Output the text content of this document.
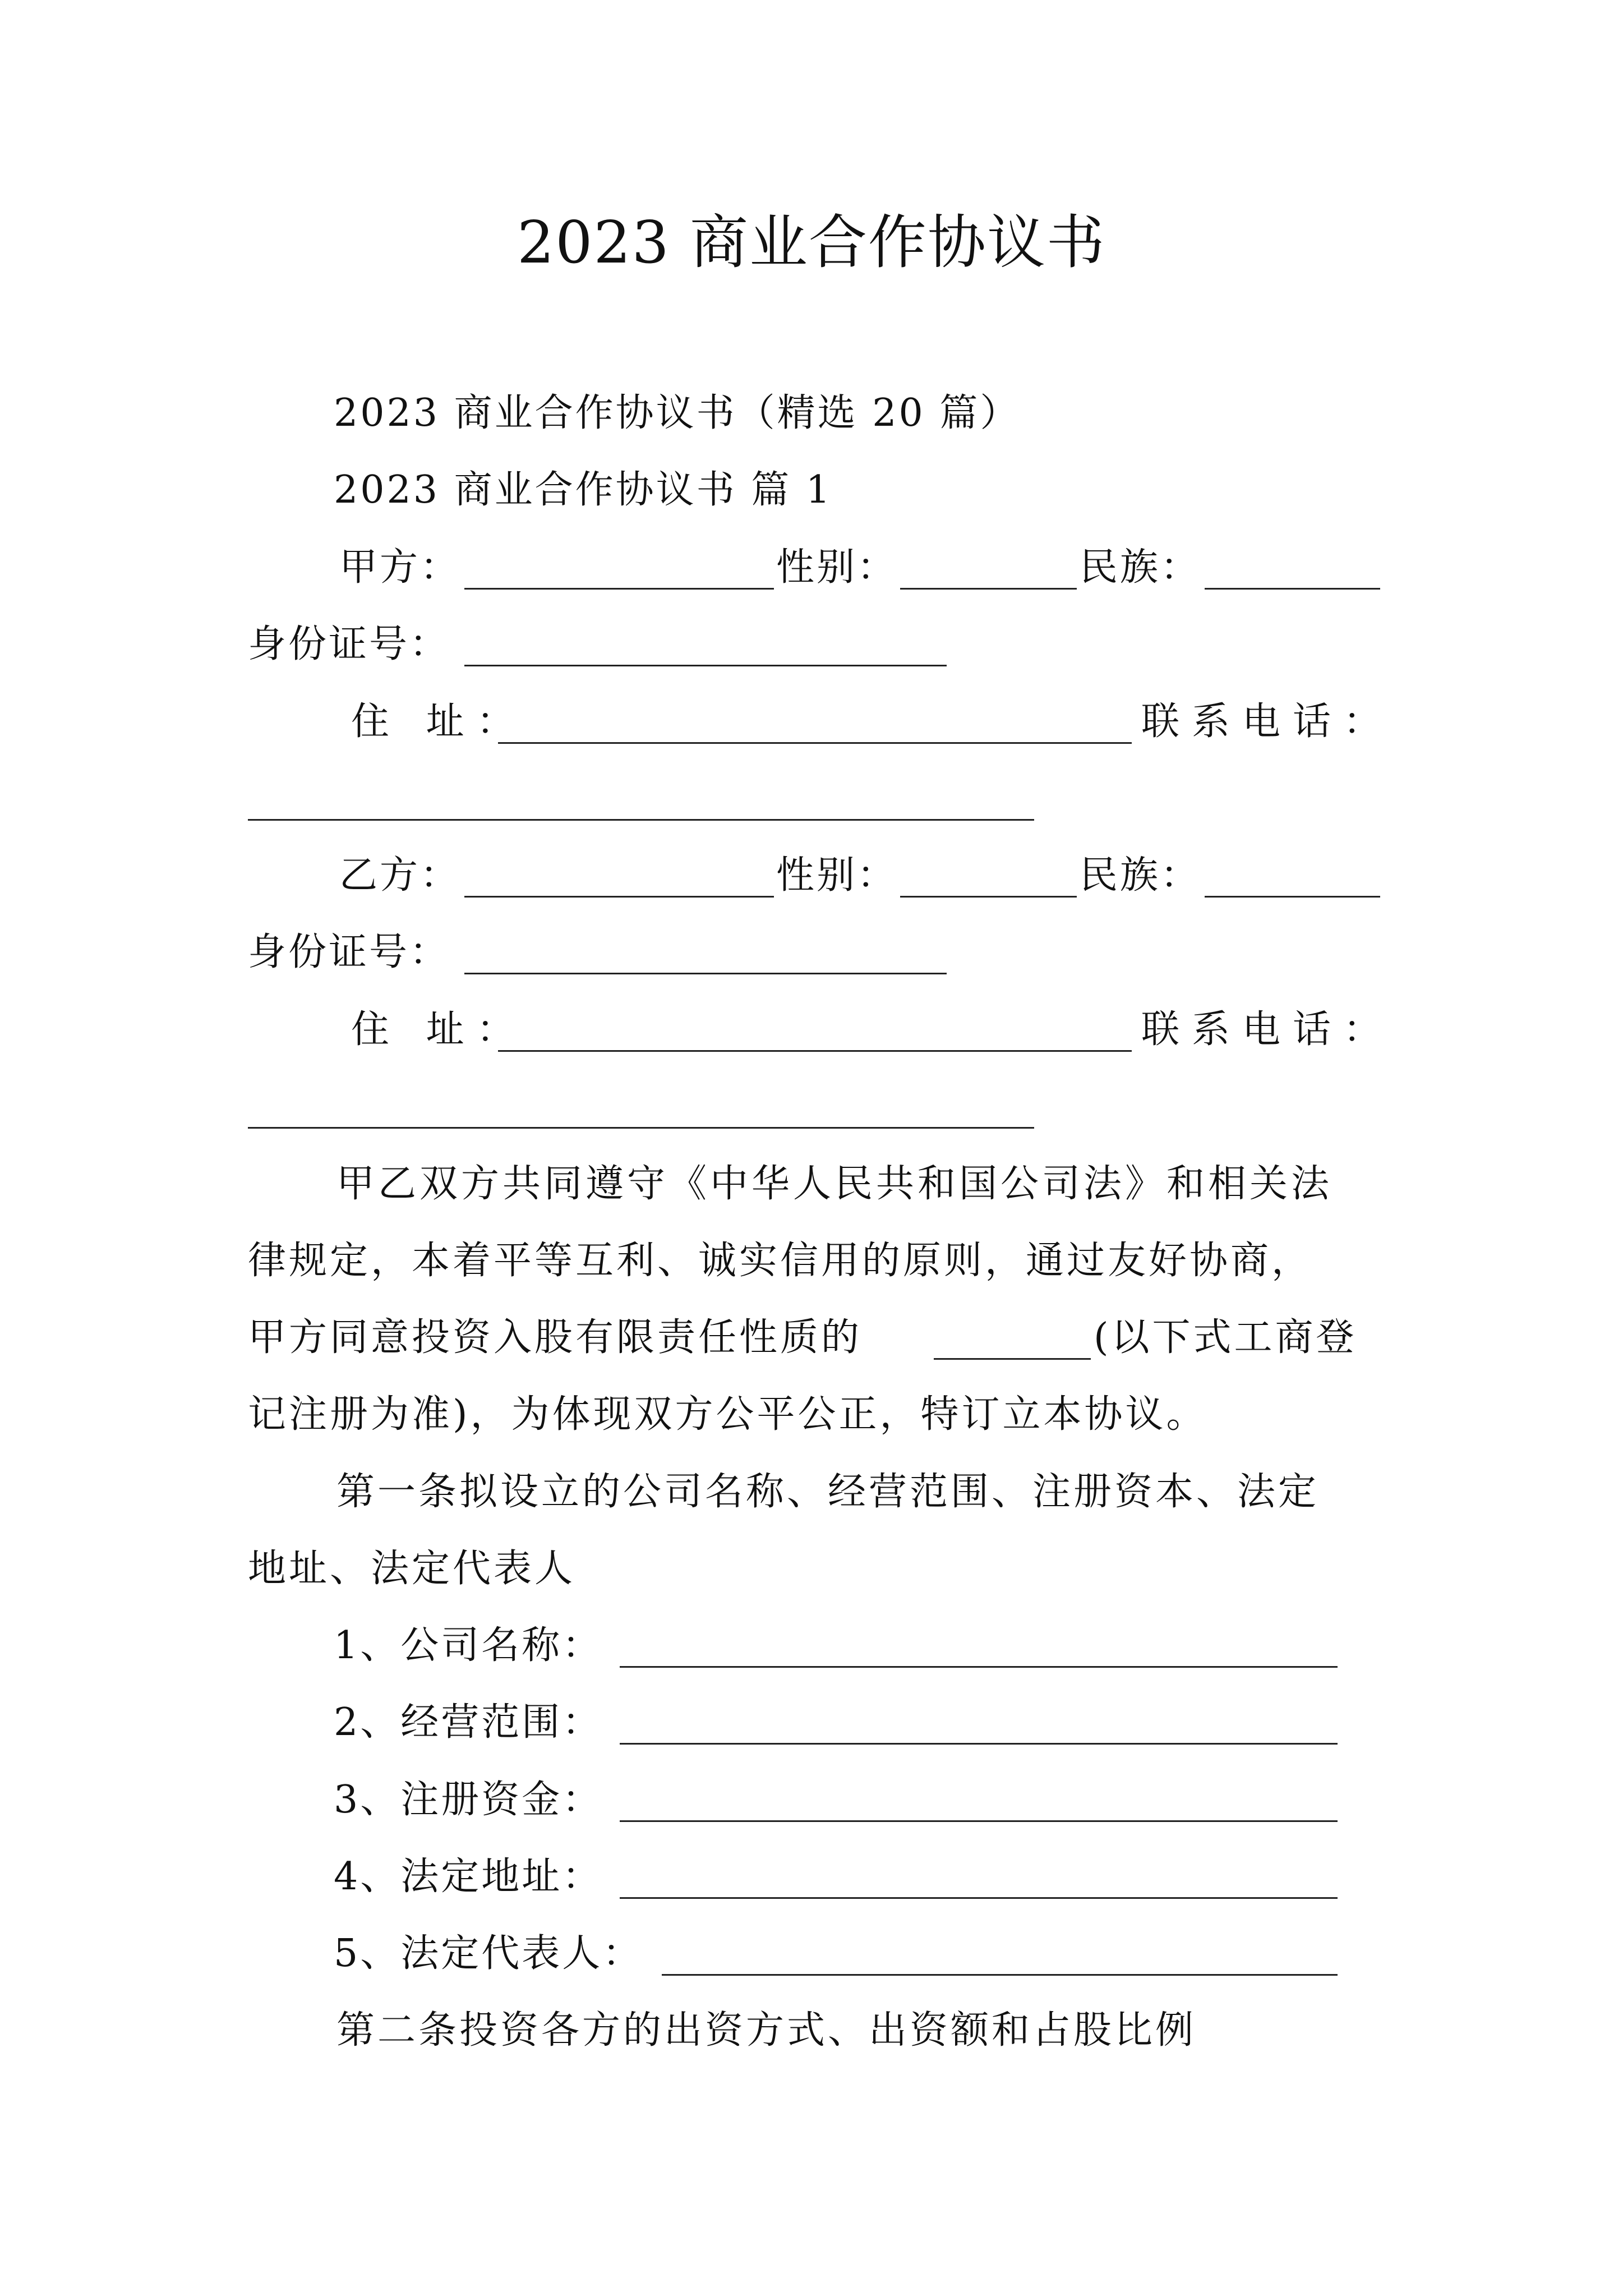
2023 商业合作协议书
2023 商业合作协议书（精选 20 篇）
2023 商业合作协议书 篇 1
甲方：	性别：	民族：
身份证号：
住 址：	联系电话：
乙方：	性别：	民族：
身份证号：
住 址：	联系电话：
甲乙双方共同遵守《中华人民共和国公司法》和相关法
律规定，本着平等互利、诚实信用的原则，通过友好协商，
甲方同意投资入股有限责任性质的	(以下式工商登
记注册为准)，为体现双方公平公正，特订立本协议。
第一条拟设立的公司名称、经营范围、注册资本、法定
地址、法定代表人
1、公司名称：
2、经营范围：
3、注册资金：
4、法定地址：
5、法定代表人：
第二条投资各方的出资方式、出资额和占股比例
